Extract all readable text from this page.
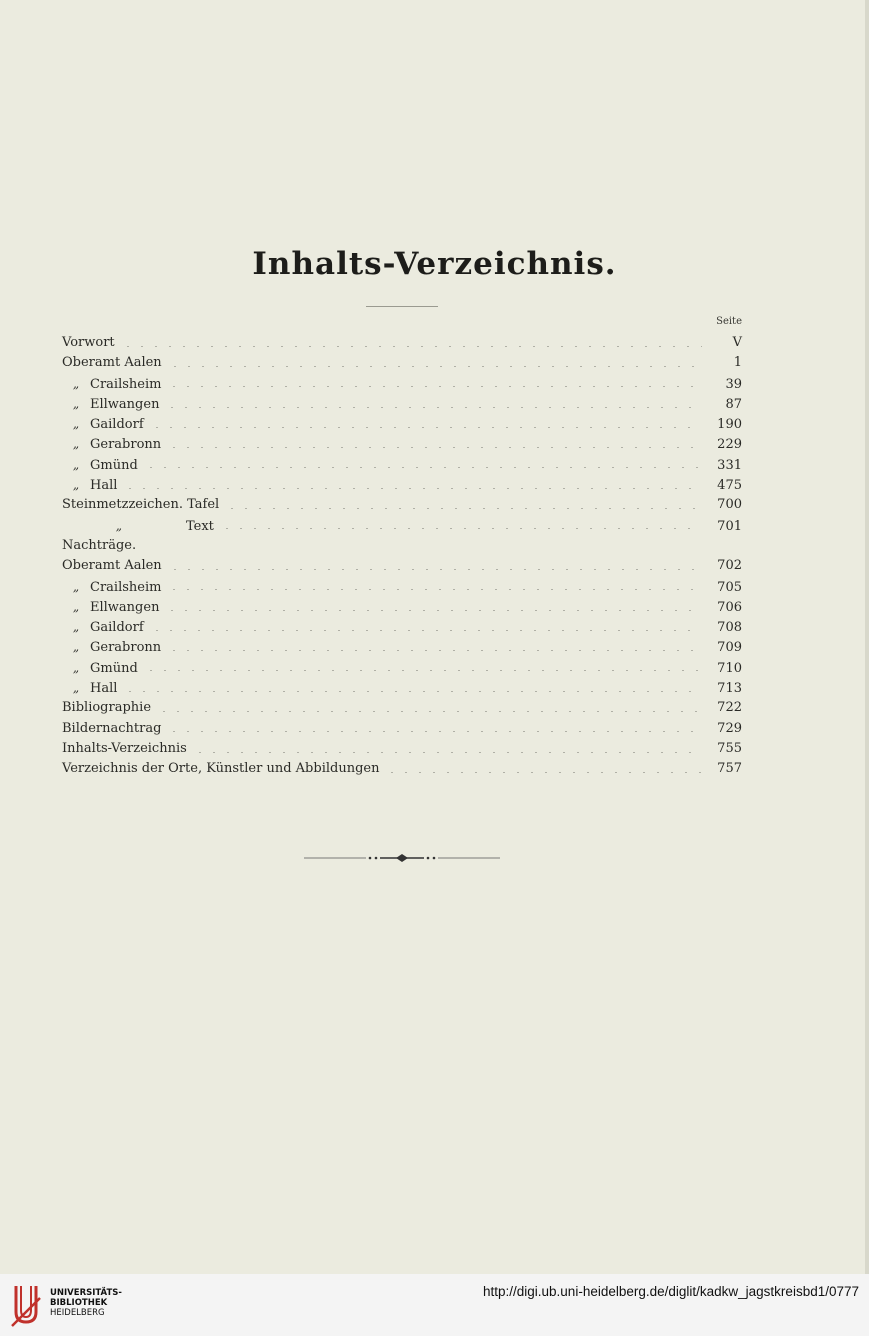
Inhalts-Verzeichnis.
Seite
Vorwort	V
Oberamt Aalen	1
„ Crailsheim	39
„ Ellwangen	87
„ Gaildorf	190
„ Gerabronn	229
„ Gmünd	331
„ Hall	475
Steinmetzzeichen. Tafel	700
„	Text	701
Nachträge.
Oberamt Aalen	702
„ Crailsheim	705
„ Ellwangen	706
„ Gaildorf	708
„ Gerabronn	709
„ Gmünd	710
„ Hall	713
Bibliographie	722
Bildernachtrag	729
Inhalts-Verzeichnis	755
Verzeichnis der Orte, Künstler und Abbildungen	757
UNIVERSITÄTS-
BIBLIOTHEK
HEIDELBERG
http://digi.ub.uni-heidelberg.de/diglit/kadkw_jagstkreisbd1/0777
